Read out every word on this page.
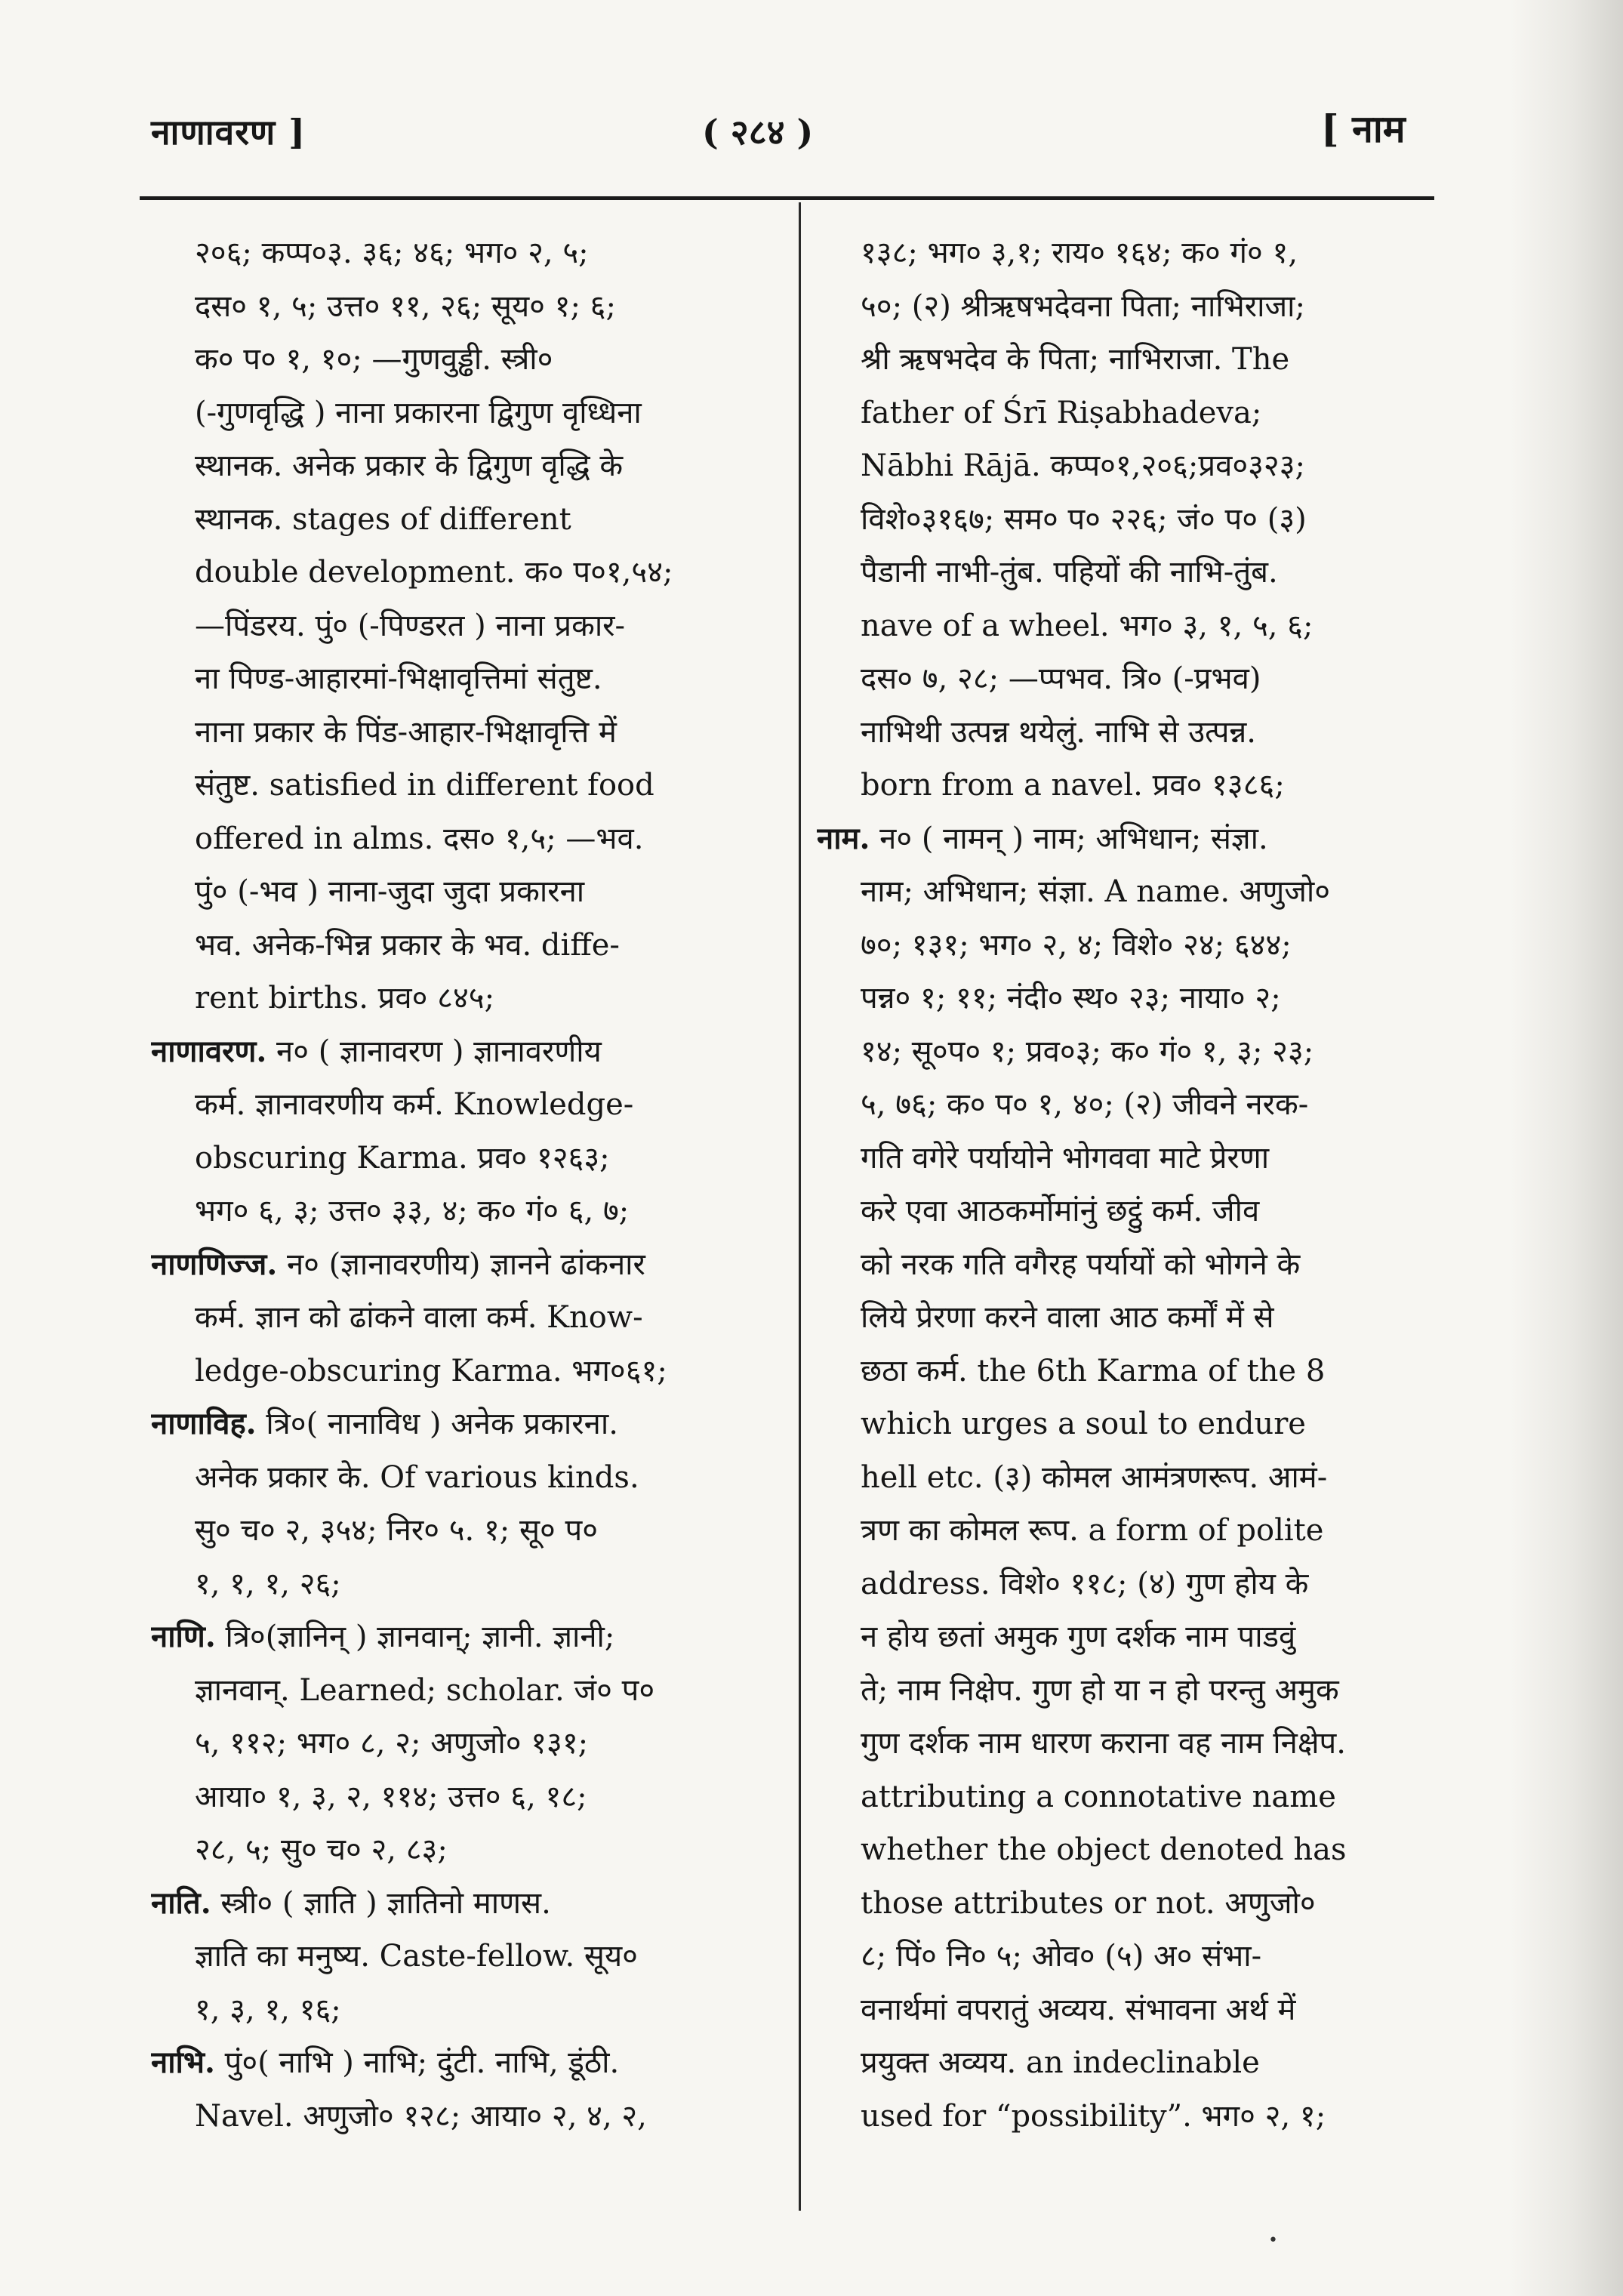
नाणावरण ]	( २८४ )	[ नाम
२०६; कप्प०३. ३६; ४६; भग० २, ५;
दस० १, ५; उत्त० ११, २६; सूय० १; ६;
क० प० १, १०; —गुणवुड्ढी. स्त्री०
(-गुणवृद्धि ) नाना प्रकारना द्विगुण वृध्धिना
स्थानक. अनेक प्रकार के द्विगुण वृद्धि के
स्थानक. stages of different
double development. क० प०१,५४;
—पिंडरय. पुं० (-पिण्डरत ) नाना प्रकार-
ना पिण्ड-आहारमां-भिक्षावृत्तिमां संतुष्ट.
नाना प्रकार के पिंड-आहार-भिक्षावृत्ति में
संतुष्ट. satisfied in different food
offered in alms. दस० १,५; —भव.
पुं० (-भव ) नाना-जुदा जुदा प्रकारना
भव. अनेक-भिन्न प्रकार के भव. diffe-
rent births. प्रव० ८४५;
नाणावरण. न० ( ज्ञानावरण ) ज्ञानावरणीय
कर्म. ज्ञानावरणीय कर्म. Knowledge-
obscuring Karma. प्रव० १२६३;
भग० ६, ३; उत्त० ३३, ४; क० गं० ६, ७;
नाणणिज्ज. न० (ज्ञानावरणीय) ज्ञानने ढांकनार
कर्म. ज्ञान को ढांकने वाला कर्म. Know-
ledge-obscuring Karma. भग०६१;
नाणाविह. त्रि०( नानाविध ) अनेक प्रकारना.
अनेक प्रकार के. Of various kinds.
सु० च० २, ३५४; निर० ५. १; सू० प०
१, १, १, २६;
नाणि. त्रि०(ज्ञानिन् ) ज्ञानवान्; ज्ञानी. ज्ञानी;
ज्ञानवान्. Learned; scholar. जं० प०
५, ११२; भग० ८, २; अणुजो० १३१;
आया० १, ३, २, ११४; उत्त० ६, १८;
२८, ५; सु० च० २, ८३;
नाति. स्त्री० ( ज्ञाति ) ज्ञातिनो माणस.
ज्ञाति का मनुष्य. Caste-fellow. सूय०
१, ३, १, १६;
नाभि. पुं०( नाभि ) नाभि; दुंटी. नाभि, डूंठी.
Navel. अणुजो० १२८; आया० २, ४, २,
१३८; भग० ३,१; राय० १६४; क० गं० १,
५०; (२) श्रीऋषभदेवना पिता; नाभिराजा;
श्री ऋषभदेव के पिता; नाभिराजा. The
father of Śrī Riṣabhadeva;
Nābhi Rājā. कप्प०१,२०६;प्रव०३२३;
विशे०३१६७; सम० प० २२६; जं० प० (३)
पैडानी नाभी-तुंब. पहियों की नाभि-तुंब.
nave of a wheel. भग० ३, १, ५, ६;
दस० ७, २८; —प्पभव. त्रि० (-प्रभव)
नाभिथी उत्पन्न थयेलुं. नाभि से उत्पन्न.
born from a navel. प्रव० १३८६;
नाम. न० ( नामन् ) नाम; अभिधान; संज्ञा.
नाम; अभिधान; संज्ञा. A name. अणुजो०
७०; १३१; भग० २, ४; विशे० २४; ६४४;
पन्न० १; ११; नंदी० स्थ० २३; नाया० २;
१४; सू०प० १; प्रव०३; क० गं० १, ३; २३;
५, ७६; क० प० १, ४०; (२) जीवने नरक-
गति वगेरे पर्यायोने भोगववा माटे प्रेरणा
करे एवा आठकर्मोमांनुं छट्ठुं कर्म. जीव
को नरक गति वगैरह पर्यायों को भोगने के
लिये प्रेरणा करने वाला आठ कर्मों में से
छठा कर्म. the 6th Karma of the 8
which urges a soul to endure
hell etc. (३) कोमल आमंत्रणरूप. आमं-
त्रण का कोमल रूप. a form of polite
address. विशे० ११८; (४) गुण होय के
न होय छतां अमुक गुण दर्शक नाम पाडवुं
ते; नाम निक्षेप. गुण हो या न हो परन्तु अमुक
गुण दर्शक नाम धारण कराना वह नाम निक्षेप.
attributing a connotative name
whether the object denoted has
those attributes or not. अणुजो०
८; पिं० नि० ५; ओव० (५) अ० संभा-
वनार्थमां वपरातुं अव्यय. संभावना अर्थ में
प्रयुक्त अव्यय. an indeclinable
used for “possibility”. भग० २, १;
•
